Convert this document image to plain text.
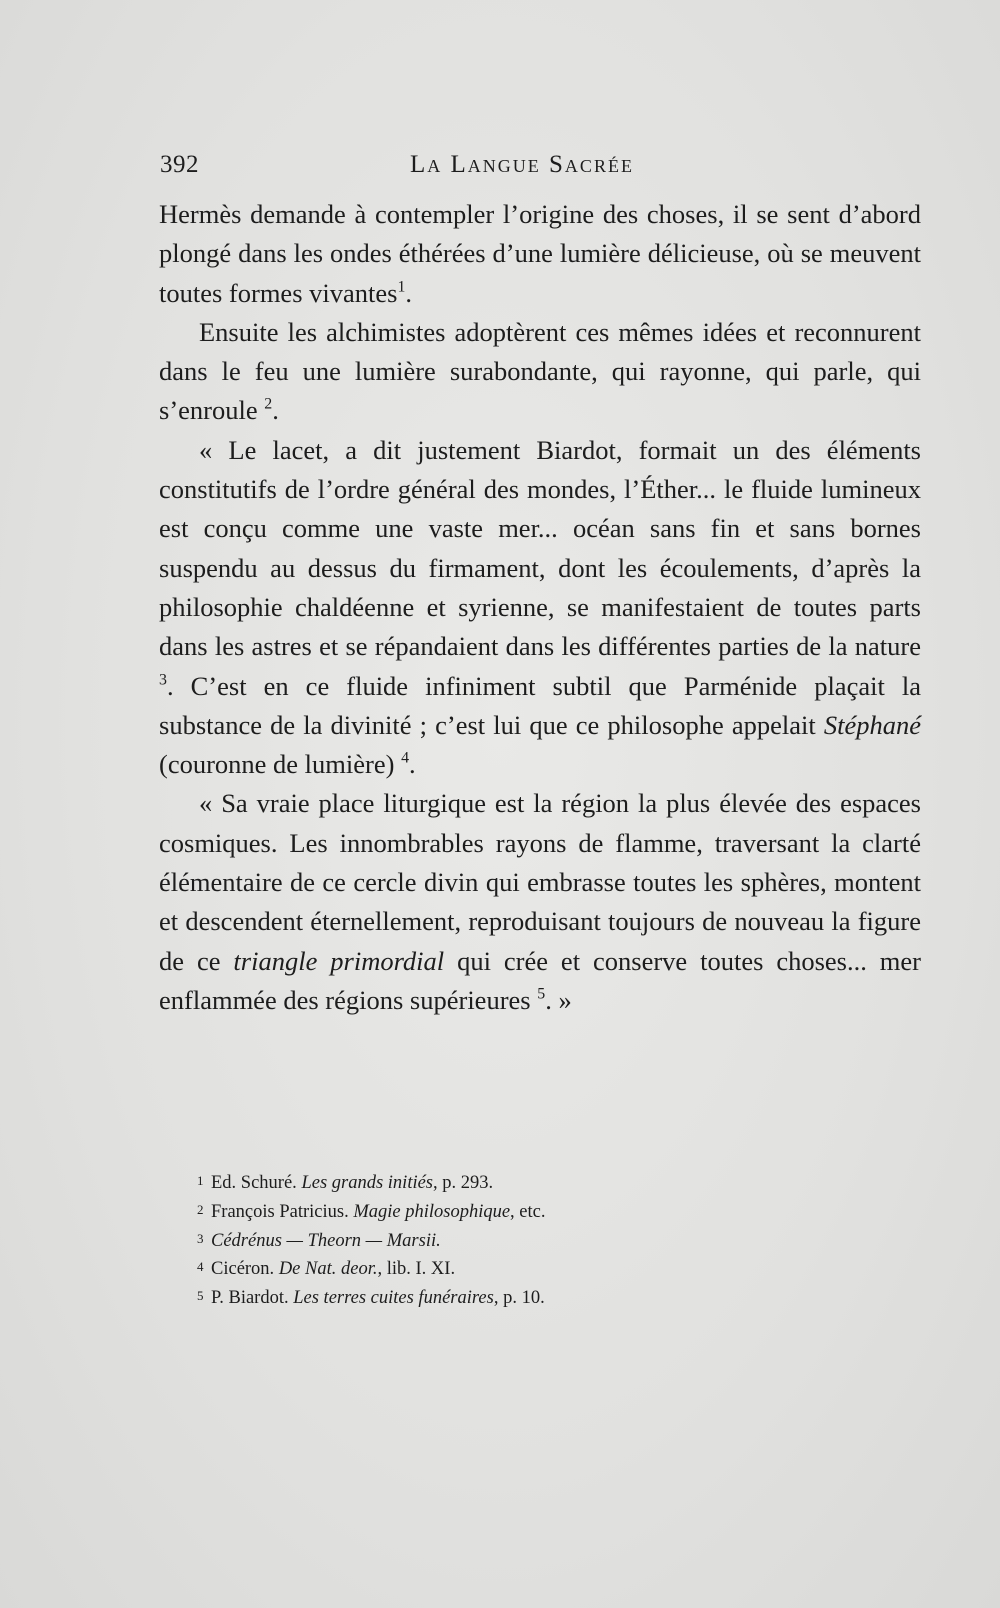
392	La Langue Sacrée

Hermès demande à contempler l’origine des choses, il se sent d’abord plongé dans les ondes éthérées d’une lumière délicieuse, où se meuvent toutes formes vivantes$^1$.

Ensuite les alchimistes adoptèrent ces mêmes idées et reconnurent dans le feu une lumière surabondante, qui rayonne, qui parle, qui s’enroule $^2$.

« Le lacet, a dit justement Biardot, formait un des éléments constitutifs de l’ordre général des mondes, l’Éther... le fluide lumineux est conçu comme une vaste mer... océan sans fin et sans bornes suspendu au dessus du firmament, dont les écoulements, d’après la philosophie chaldéenne et syrienne, se manifestaient de toutes parts dans les astres et se répandaient dans les différentes parties de la nature $^3$. C’est en ce fluide infiniment subtil que Parménide plaçait la substance de la divinité ; c’est lui que ce philosophe appelait Stéphané (couronne de lumière) $^4$.

« Sa vraie place liturgique est la région la plus élevée des espaces cosmiques. Les innombrables rayons de flamme, traversant la clarté élémentaire de ce cercle divin qui embrasse toutes les sphères, montent et descendent éternellement, reproduisant toujours de nouveau la figure de ce triangle primordial qui crée et conserve toutes choses... mer enflammée des régions supérieures $^5$. »

1 Ed. Schuré. Les grands initiés, p. 293.
2 François Patricius. Magie philosophique, etc.
3 Cédrénus — Theorn — Marsii.
4 Cicéron. De Nat. deor., lib. I. XI.
5 P. Biardot. Les terres cuites funéraires, p. 10.
